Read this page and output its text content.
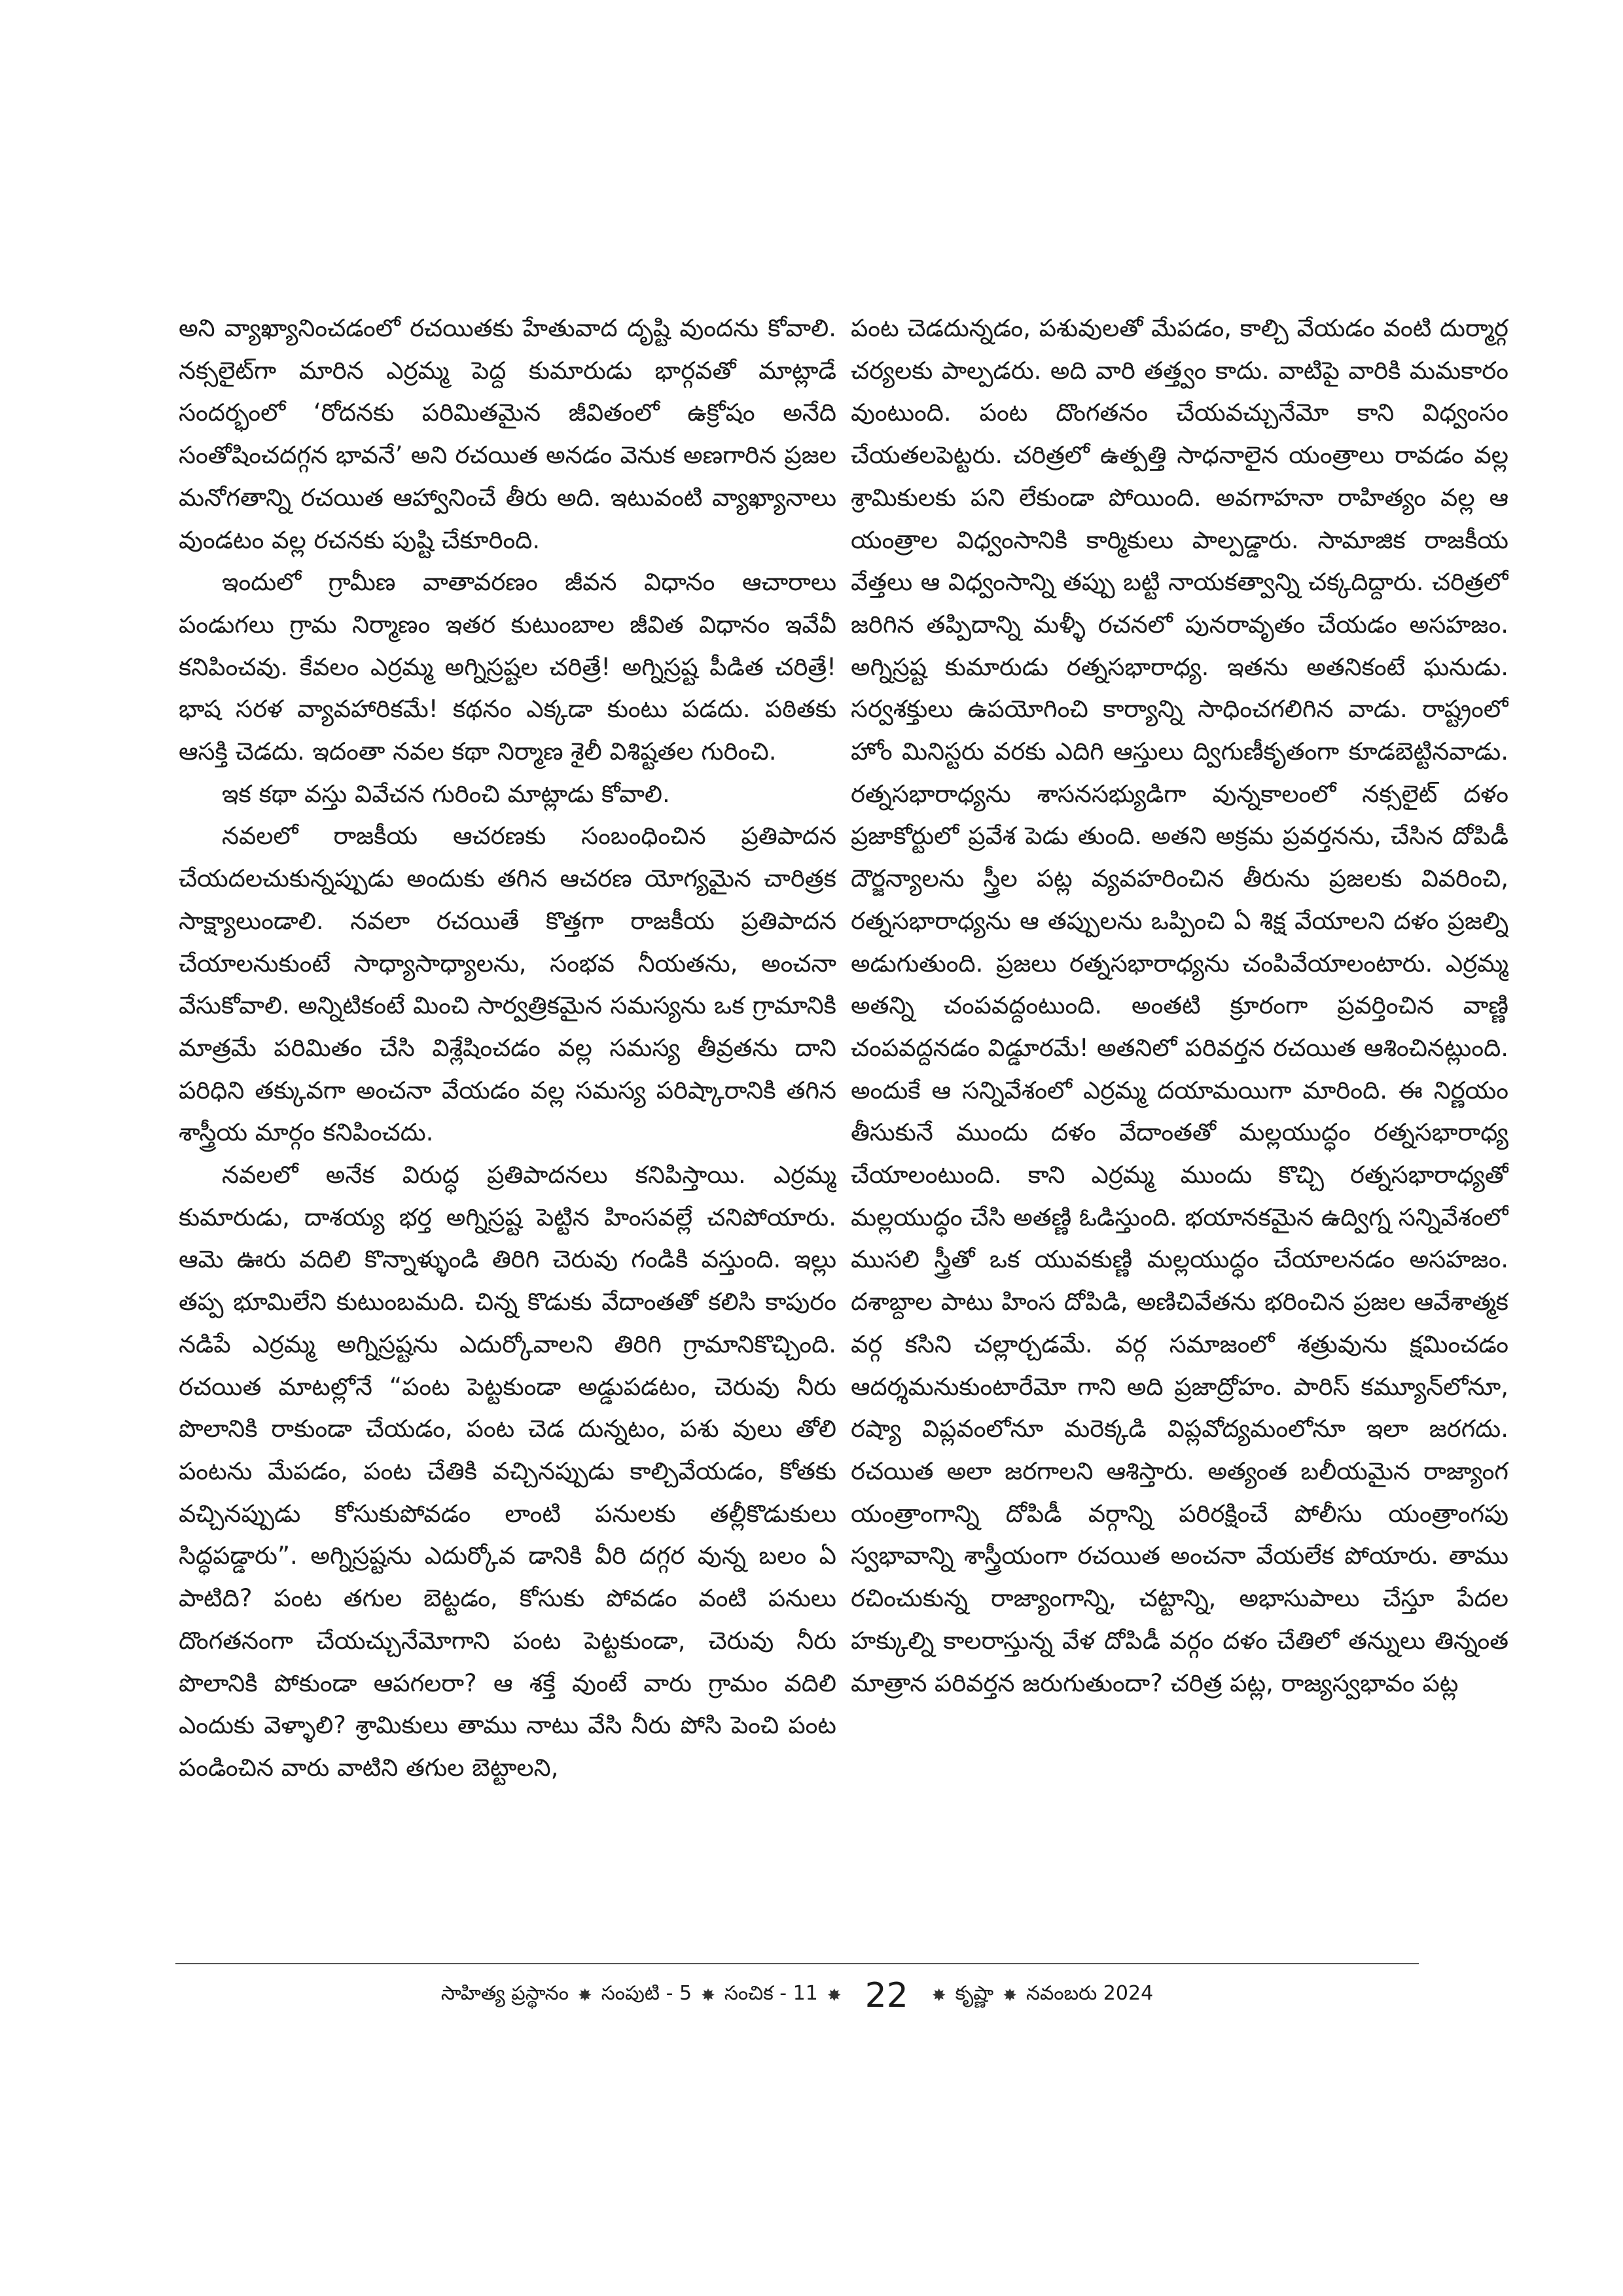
అని వ్యాఖ్యానించడంలో రచయితకు హేతువాద దృష్టి వుందను కోవాలి. నక్సలైట్‌గా మారిన ఎర్రమ్మ పెద్ద కుమారుడు భార్గవతో మాట్లాడే సందర్భంలో ‘రోదనకు పరిమితమైన జీవితంలో ఉక్రోషం అనేది సంతోషించదగ్గన భావనే’ అని రచయిత అనడం వెనుక అణగారిన ప్రజల మనోగతాన్ని రచయిత ఆహ్వానించే తీరు అది. ఇటువంటి వ్యాఖ్యానాలు వుండటం వల్ల రచనకు పుష్టి చేకూరింది.

ఇందులో గ్రామీణ వాతావరణం జీవన విధానం ఆచారాలు పండుగలు గ్రామ నిర్మాణం ఇతర కుటుంబాల జీవిత విధానం ఇవేవీ కనిపించవు. కేవలం ఎర్రమ్మ అగ్నిస్రష్టల చరిత్రే! అగ్నిస్రష్ట పీడిత చరిత్రే! భాష సరళ వ్యావహారికమే! కథనం ఎక్కడా కుంటు పడదు. పఠితకు ఆసక్తి చెడదు. ఇదంతా నవల కథా నిర్మాణ శైలీ విశిష్టతల గురించి.

ఇక కథా వస్తు వివేచన గురించి మాట్లాడు కోవాలి.

నవలలో రాజకీయ ఆచరణకు సంబంధించిన ప్రతిపాదన చేయదలచుకున్నప్పుడు అందుకు తగిన ఆచరణ యోగ్యమైన చారిత్రక సాక్ష్యాలుండాలి. నవలా రచయితే కొత్తగా రాజకీయ ప్రతిపాదన చేయాలనుకుంటే సాధ్యాసాధ్యాలను, సంభవ నీయతను, అంచనా వేసుకోవాలి. అన్నిటికంటే మించి సార్వత్రికమైన సమస్యను ఒక గ్రామానికి మాత్రమే పరిమితం చేసి విశ్లేషించడం వల్ల సమస్య తీవ్రతను దాని పరిధిని తక్కువగా అంచనా వేయడం వల్ల సమస్య పరిష్కారానికి తగిన శాస్త్రీయ మార్గం కనిపించదు.

నవలలో అనేక విరుద్ధ ప్రతిపాదనలు కనిపిస్తాయి. ఎర్రమ్మ కుమారుడు, దాశయ్య భర్త అగ్నిస్రష్ట పెట్టిన హింసవల్లే చనిపోయారు. ఆమె ఊరు వదిలి కొన్నాళ్ళుండి తిరిగి చెరువు గండికి వస్తుంది. ఇల్లు తప్ప భూమిలేని కుటుంబమది. చిన్న కొడుకు వేదాంతతో కలిసి కాపురం నడిపే ఎర్రమ్మ అగ్నిస్రష్టను ఎదుర్కోవాలని తిరిగి గ్రామానికొచ్చింది. రచయిత మాటల్లోనే “పంట పెట్టకుండా అడ్డుపడటం, చెరువు నీరు పొలానికి రాకుండా చేయడం, పంట చెడ దున్నటం, పశు వులు తోలి పంటను మేపడం, పంట చేతికి వచ్చినప్పుడు కాల్చివేయడం, కోతకు వచ్చినప్పుడు కోసుకుపోవడం లాంటి పనులకు తల్లీకొడుకులు సిద్ధపడ్డారు”. అగ్నిస్రష్టను ఎదుర్కోవ డానికి వీరి దగ్గర వున్న బలం ఏ పాటిది? పంట తగుల బెట్టడం, కోసుకు పోవడం వంటి పనులు దొంగతనంగా చేయచ్చునేమోగాని పంట పెట్టకుండా, చెరువు నీరు పొలానికి పోకుండా ఆపగలరా? ఆ శక్తే వుంటే వారు గ్రామం వదిలి ఎందుకు వెళ్ళాలి? శ్రామికులు తాము నాటు వేసి నీరు పోసి పెంచి పంట పండించిన వారు వాటిని తగుల బెట్టాలని,

పంట చెడదున్నడం, పశువులతో మేపడం, కాల్చి వేయడం వంటి దుర్మార్గ చర్యలకు పాల్పడరు. అది వారి తత్త్వం కాదు. వాటిపై వారికి మమకారం వుంటుంది. పంట దొంగతనం చేయవచ్చునేమో కాని విధ్వంసం చేయతలపెట్టరు. చరిత్రలో ఉత్పత్తి సాధనాలైన యంత్రాలు రావడం వల్ల శ్రామికులకు పని లేకుండా పోయింది. అవగాహనా రాహిత్యం వల్ల ఆ యంత్రాల విధ్వంసానికి కార్మికులు పాల్పడ్డారు. సామాజిక రాజకీయ వేత్తలు ఆ విధ్వంసాన్ని తప్పు బట్టి నాయకత్వాన్ని చక్కదిద్దారు. చరిత్రలో జరిగిన తప్పిదాన్ని మళ్ళీ రచనలో పునరావృతం చేయడం అసహజం. అగ్నిస్రష్ట కుమారుడు రత్నసభారాధ్య. ఇతను అతనికంటే ఘనుడు. సర్వశక్తులు ఉపయోగించి కార్యాన్ని సాధించగలిగిన వాడు. రాష్ట్రంలో హోం మినిస్టరు వరకు ఎదిగి ఆస్తులు ద్విగుణీకృతంగా కూడబెట్టినవాడు. రత్నసభారాధ్యను శాసనసభ్యుడిగా వున్నకాలంలో నక్సలైట్ దళం ప్రజాకోర్టులో ప్రవేశ పెడు తుంది. అతని అక్రమ ప్రవర్తనను, చేసిన దోపిడీ దౌర్జన్యాలను స్త్రీల పట్ల వ్యవహరించిన తీరును ప్రజలకు వివరించి, రత్నసభారాధ్యను ఆ తప్పులను ఒప్పించి ఏ శిక్ష వేయాలని దళం ప్రజల్ని అడుగుతుంది. ప్రజలు రత్నసభారాధ్యను చంపివేయాలంటారు. ఎర్రమ్మ అతన్ని చంపవద్దంటుంది. అంతటి క్రూరంగా ప్రవర్తించిన వాణ్ణి చంపవద్దనడం విడ్డూరమే! అతనిలో పరివర్తన రచయిత ఆశించినట్లుంది. అందుకే ఆ సన్నివేశంలో ఎర్రమ్మ దయామయిగా మారింది. ఈ నిర్ణయం తీసుకునే ముందు దళం వేదాంతతో మల్లయుద్ధం రత్నసభారాధ్య చేయాలంటుంది. కాని ఎర్రమ్మ ముందు కొచ్చి రత్నసభారాధ్యతో మల్లయుద్ధం చేసి అతణ్ణి ఓడిస్తుంది. భయానకమైన ఉద్విగ్న సన్నివేశంలో ముసలి స్త్రీతో ఒక యువకుణ్ణి మల్లయుద్ధం చేయాలనడం అసహజం. దశాబ్దాల పాటు హింస దోపిడి, అణిచివేతను భరించిన ప్రజల ఆవేశాత్మక వర్గ కసిని చల్లార్చడమే. వర్గ సమాజంలో శత్రువును క్షమించడం ఆదర్శమనుకుంటారేమో గాని అది ప్రజాద్రోహం. పారిస్ కమ్యూన్‌లోనూ, రష్యా విప్లవంలోనూ మరెక్కడి విప్లవోద్యమంలోనూ ఇలా జరగదు. రచయిత అలా జరగాలని ఆశిస్తారు. అత్యంత బలీయమైన రాజ్యాంగ యంత్రాంగాన్ని దోపిడీ వర్గాన్ని పరిరక్షించే పోలీసు యంత్రాంగపు స్వభావాన్ని శాస్త్రీయంగా రచయిత అంచనా వేయలేక పోయారు. తాము రచించుకున్న రాజ్యాంగాన్ని, చట్టాన్ని, అభాసుపాలు చేస్తూ పేదల హక్కుల్ని కాలరాస్తున్న వేళ దోపిడీ వర్గం దళం చేతిలో తన్నులు తిన్నంత మాత్రాన పరివర్తన జరుగుతుందా? చరిత్ర పట్ల, రాజ్యస్వభావం పట్ల

సాహిత్య ప్రస్థానం ✸ సంపుటి - 5 ✸ సంచిక - 11 ✸ 22 ✸ కృష్ణా ✸ నవంబరు 2024
